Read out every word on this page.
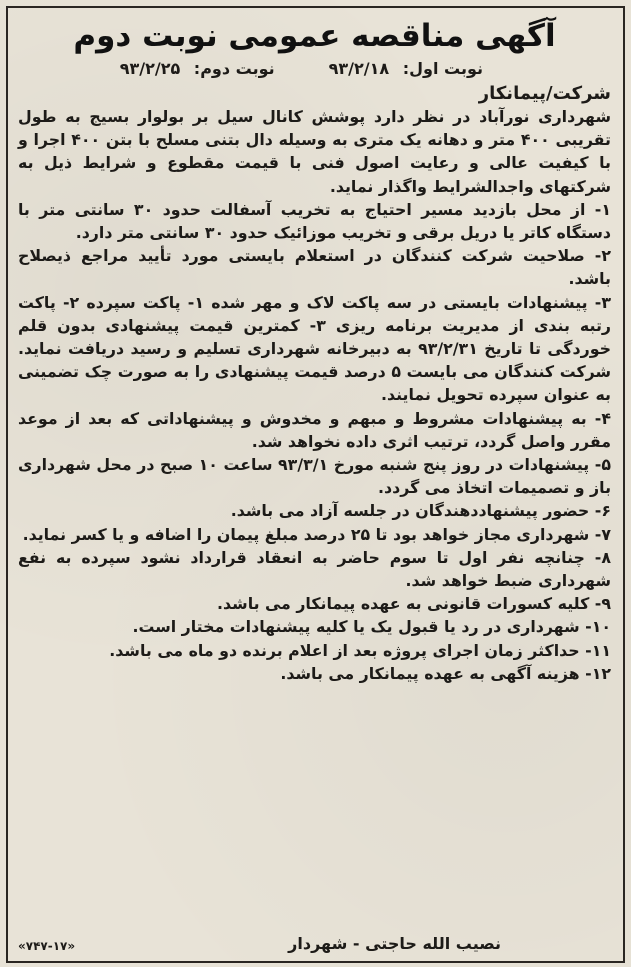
آگهی مناقصه عمومی نوبت دوم
نوبت اول: ۹۳/۲/۱۸
نوبت دوم: ۹۳/۲/۲۵
شرکت/پیمانکار

شهرداری نورآباد در نظر دارد پوشش کانال سیل بر بولوار بسیج به طول تقریبی ۴۰۰ متر و دهانه یک متری به وسیله دال بتنی مسلح با بتن ۴۰۰ اجرا و با کیفیت عالی و رعایت اصول فنی با قیمت مقطوع و شرایط ذیل به شرکتهای واجدالشرایط واگذار نماید.

۱- از محل بازدید مسیر احتیاج به تخریب آسفالت حدود ۳۰ سانتی متر با دستگاه کاتر یا دریل برقی و تخریب موزائیک حدود ۳۰ سانتی متر دارد.
۲- صلاحیت شرکت کنندگان در استعلام بایستی مورد تأیید مراجع ذیصلاح باشد.
۳- پیشنهادات بایستی در سه پاکت لاک و مهر شده ۱- پاکت سپرده ۲- پاکت رتبه بندی از مدیریت برنامه ریزی ۳- کمترین قیمت پیشنهادی بدون قلم خوردگی تا تاریخ ۹۳/۲/۳۱ به دبیرخانه شهرداری تسلیم و رسید دریافت نماید. شرکت کنندگان می بایست ۵ درصد قیمت پیشنهادی را به صورت چک تضمینی به عنوان سپرده تحویل نمایند.
۴- به پیشنهادات مشروط و مبهم و مخدوش و پیشنهاداتی که بعد از موعد مقرر واصل گردد، ترتیب اثری داده نخواهد شد.
۵- پیشنهادات در روز پنج شنبه مورخ ۹۳/۳/۱ ساعت ۱۰ صبح در محل شهرداری باز و تصمیمات اتخاذ می گردد.
۶- حضور پیشنهاددهندگان در جلسه آزاد می باشد.
۷- شهرداری مجاز خواهد بود تا ۲۵ درصد مبلغ پیمان را اضافه و یا کسر نماید.
۸- چنانچه نفر اول تا سوم حاضر به انعقاد قرارداد نشود سپرده به نفع شهرداری ضبط خواهد شد.
۹- کلیه کسورات قانونی به عهده پیمانکار می باشد.
۱۰- شهرداری در رد یا قبول یک یا کلیه پیشنهادات مختار است.
۱۱- حداکثر زمان اجرای پروژه بعد از اعلام برنده دو ماه می باشد.
۱۲- هزینه آگهی به عهده پیمانکار می باشد.
نصیب الله حاجتی - شهردار
«۷۴۷-۱۷»
